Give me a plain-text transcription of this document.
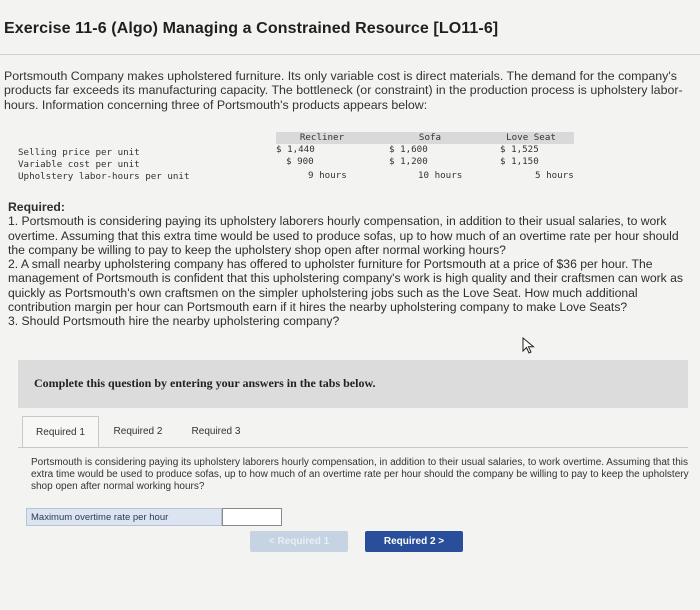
Exercise 11-6 (Algo) Managing a Constrained Resource [LO11-6]
Portsmouth Company makes upholstered furniture. Its only variable cost is direct materials. The demand for the company's products far exceeds its manufacturing capacity. The bottleneck (or constraint) in the production process is upholstery labor-hours. Information concerning three of Portsmouth's products appears below:
Recliner	Sofa	Love Seat
Selling price per unit	$ 1,440	$ 1,600	$ 1,525
Variable cost per unit	$ 900	$ 1,200	$ 1,150
Upholstery labor-hours per unit	9 hours	10 hours	5 hours
Required:
1. Portsmouth is considering paying its upholstery laborers hourly compensation, in addition to their usual salaries, to work overtime. Assuming that this extra time would be used to produce sofas, up to how much of an overtime rate per hour should the company be willing to pay to keep the upholstery shop open after normal working hours?
2. A small nearby upholstering company has offered to upholster furniture for Portsmouth at a price of $36 per hour. The management of Portsmouth is confident that this upholstering company's work is high quality and their craftsmen can work as quickly as Portsmouth's own craftsmen on the simpler upholstering jobs such as the Love Seat. How much additional contribution margin per hour can Portsmouth earn if it hires the nearby upholstering company to make Love Seats?
3. Should Portsmouth hire the nearby upholstering company?
Complete this question by entering your answers in the tabs below.
Required 1	Required 2	Required 3
Portsmouth is considering paying its upholstery laborers hourly compensation, in addition to their usual salaries, to work overtime. Assuming that this extra time would be used to produce sofas, up to how much of an overtime rate per hour should the company be willing to pay to keep the upholstery shop open after normal working hours?
Maximum overtime rate per hour
< Required 1	Required 2 >
